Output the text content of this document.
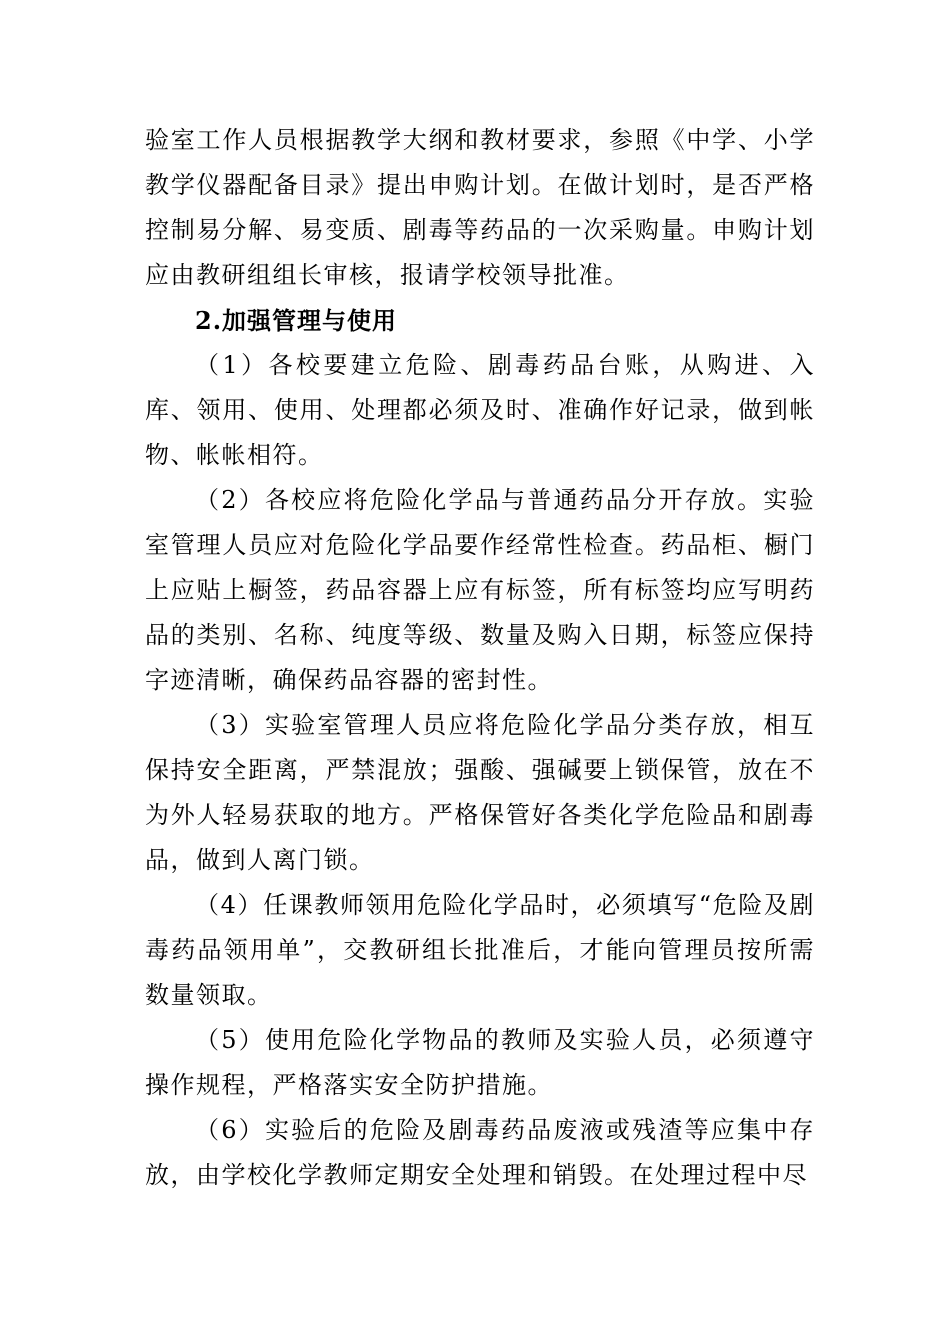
验室工作人员根据教学大纲和教材要求，参照《中学、小学教学仪器配备目录》提出申购计划。在做计划时，是否严格控制易分解、易变质、剧毒等药品的一次采购量。申购计划应由教研组组长审核，报请学校领导批准。

2.加强管理与使用

（1）各校要建立危险、剧毒药品台账，从购进、入库、领用、使用、处理都必须及时、准确作好记录，做到帐物、帐帐相符。

（2）各校应将危险化学品与普通药品分开存放。实验室管理人员应对危险化学品要作经常性检查。药品柜、橱门上应贴上橱签，药品容器上应有标签，所有标签均应写明药品的类别、名称、纯度等级、数量及购入日期，标签应保持字迹清晰，确保药品容器的密封性。

（3）实验室管理人员应将危险化学品分类存放，相互保持安全距离，严禁混放；强酸、强碱要上锁保管，放在不为外人轻易获取的地方。严格保管好各类化学危险品和剧毒品，做到人离门锁。

（4）任课教师领用危险化学品时，必须填写“危险及剧毒药品领用单”，交教研组长批准后，才能向管理员按所需数量领取。

（5）使用危险化学物品的教师及实验人员，必须遵守操作规程，严格落实安全防护措施。

（6）实验后的危险及剧毒药品废液或残渣等应集中存放，由学校化学教师定期安全处理和销毁。在处理过程中尽
